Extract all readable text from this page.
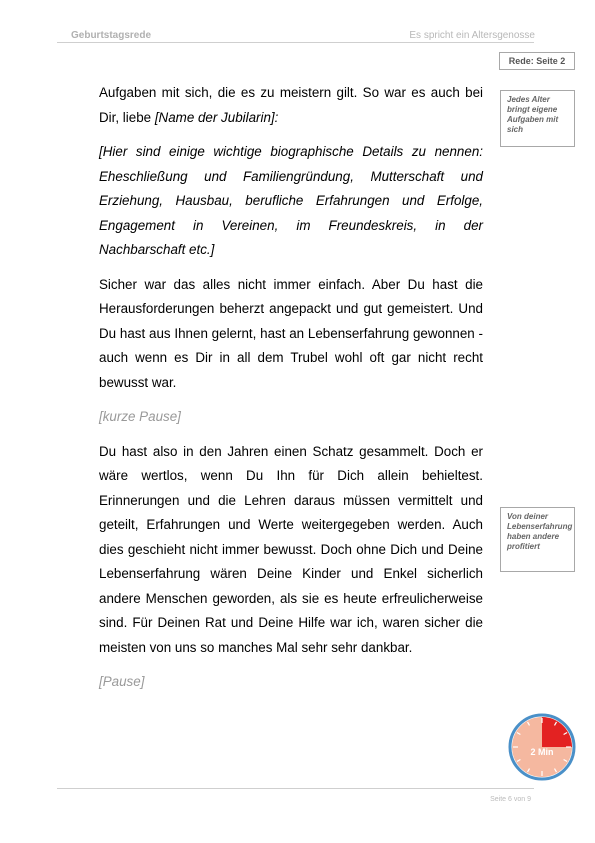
Geburtstagsrede	Es spricht ein Altersgenosse
Rede: Seite 2
Jedes Alter bringt eigene Aufgaben mit sich
Von deiner Lebenserfahrung haben andere profitiert

Aufgaben mit sich, die es zu meistern gilt. So war es auch bei Dir, liebe [Name der Jubilarin]:

[Hier sind einige wichtige biographische Details zu nennen: Eheschließung und Familiengründung, Mutterschaft und Erziehung, Hausbau, berufliche Erfahrungen und Erfolge, Engagement in Vereinen, im Freundeskreis, in der Nachbarschaft etc.]

Sicher war das alles nicht immer einfach. Aber Du hast die Herausforderungen beherzt angepackt und gut gemeistert. Und Du hast aus Ihnen gelernt, hast an Lebenserfahrung gewonnen - auch wenn es Dir in all dem Trubel wohl oft gar nicht recht bewusst war.

[kurze Pause]

Du hast also in den Jahren einen Schatz gesammelt. Doch er wäre wertlos, wenn Du Ihn für Dich allein behieltest. Erinnerungen und die Lehren daraus müssen vermittelt und geteilt, Erfahrungen und Werte weitergegeben werden. Auch dies geschieht nicht immer bewusst. Doch ohne Dich und Deine Lebenserfahrung wären Deine Kinder und Enkel sicherlich andere Menschen geworden, als sie es heute erfreulicherweise sind. Für Deinen Rat und Deine Hilfe war ich, waren sicher die meisten von uns so manches Mal sehr sehr dankbar.

[Pause]

2 Min
Seite 6 von 9
